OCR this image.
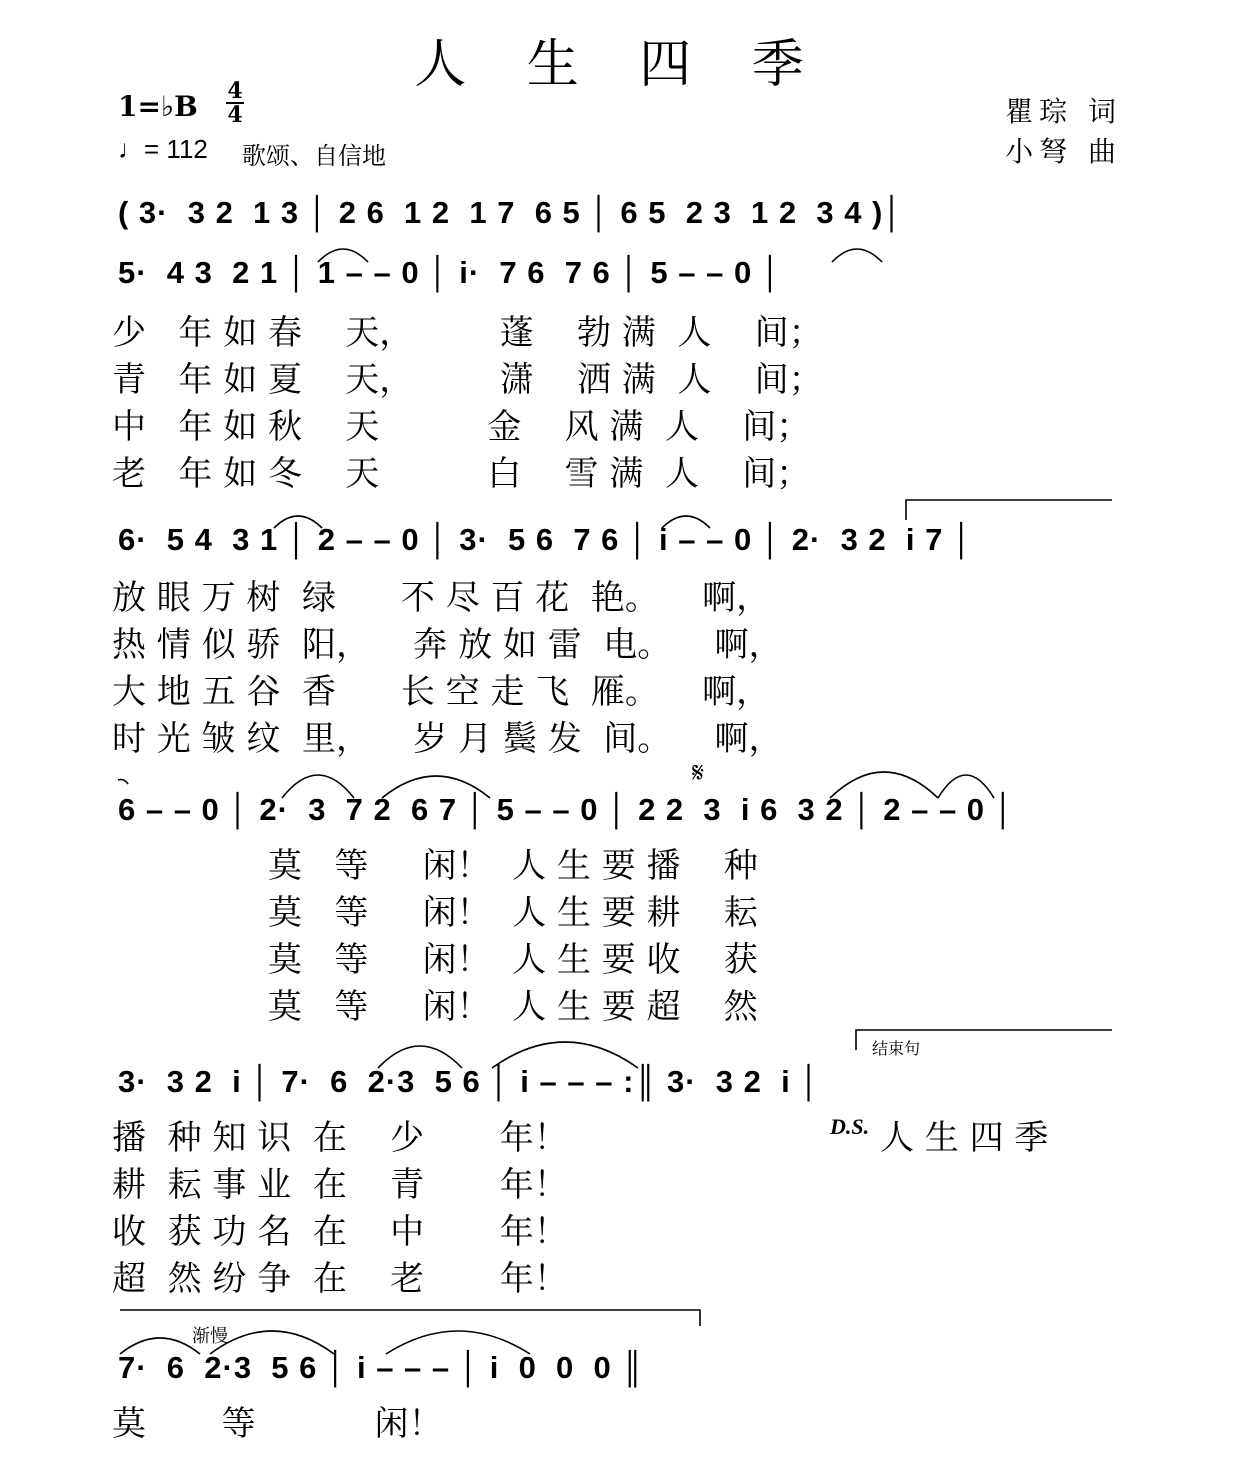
人 生 四 季
1=♭B 4
4
♩= 112 歌颂、自信地
瞿琮 词
小弩 曲
( 3·  3 2  1 3 │ 2 6  1 2  1 7  6 5 │ 6 5  2 3  1 2  3 4 )│
5·  4 3  2 1 │ 1 – – 0 │ i·  7 6  7 6 │ 5 – – 0 │
少   年 如 春    天，        蓬    勃 满  人    间；
青   年 如 夏    天，        潇    洒 满  人    间；
中   年 如 秋    天          金    风 满  人    间；
老   年 如 冬    天          白    雪 满  人    间；
6·  5 4  3 1 │ 2 – – 0 │ 3·  5 6  7 6 │ i – – 0 │ 2·  3 2  i 7 │
放 眼 万 树  绿      不 尽 百 花  艳。    啊，
热 情 似 骄  阳，    奔 放 如 雷  电。    啊，
大 地 五 谷  香      长 空 走 飞  雁。    啊，
时 光 皱 纹  里，    岁 月 鬓 发  间。    啊，
𝄋
6 – – 0 │ 2·  3  7 2  6 7 │ 5 – – 0 │ 2 2  3  i 6  3 2 │ 2 – – 0 │
莫   等     闲！  人 生 要 播    种
莫   等     闲！  人 生 要 耕    耘
莫   等     闲！  人 生 要 收    获
莫   等     闲！  人 生 要 超    然
结束句
3·  3 2  i │ 7·  6  2·3  5 6 │ i – – – :║ 3·  3 2  i │
播  种 知 识  在    少       年！	D.S. 人 生 四 季
耕  耘 事 业  在    青       年！
收  获 功 名  在    中       年！
超  然 纷 争  在    老       年！
渐慢
7·  6  2·3  5 6 │ i – – – │ i  0  0  0 ║
莫       等           闲！
